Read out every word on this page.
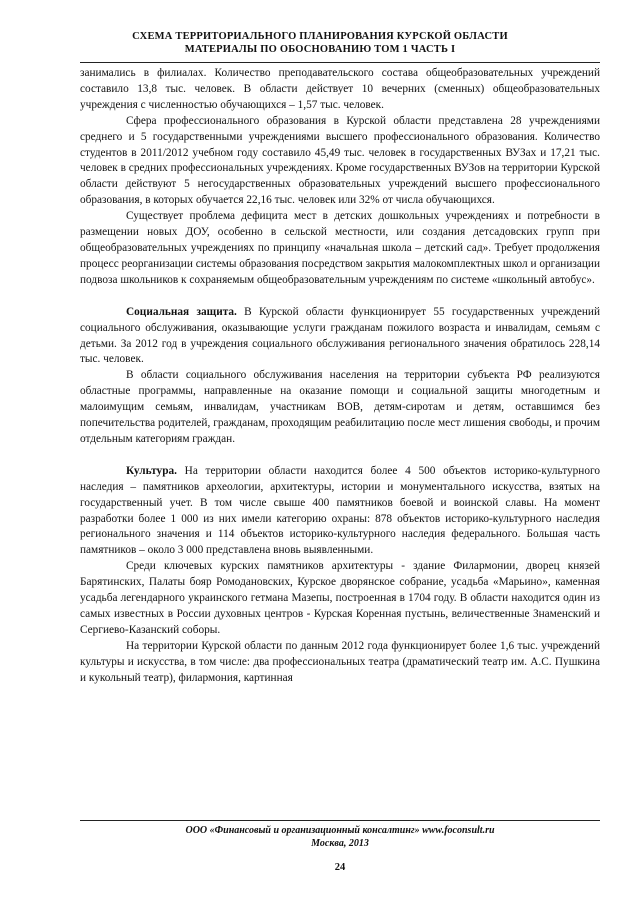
СХЕМА ТЕРРИТОРИАЛЬНОГО ПЛАНИРОВАНИЯ КУРСКОЙ ОБЛАСТИ
МАТЕРИАЛЫ ПО ОБОСНОВАНИЮ ТОМ 1 ЧАСТЬ I

занимались в филиалах. Количество преподавательского состава общеобразовательных учреждений составило 13,8 тыс. человек. В области действует 10 вечерних (сменных) общеобразовательных учреждения с численностью обучающихся – 1,57 тыс. человек.

Сфера профессионального образования в Курской области представлена 28 учреждениями среднего и 5 государственными учреждениями высшего профессионального образования. Количество студентов в 2011/2012 учебном году составило 45,49 тыс. человек в государственных ВУЗах и 17,21 тыс. человек в средних профессиональных учреждениях. Кроме государственных ВУЗов на территории Курской области действуют 5 негосударственных образовательных учреждений высшего профессионального образования, в которых обучается 22,16 тыс. человек или 32% от числа обучающихся.

Существует проблема дефицита мест в детских дошкольных учреждениях и потребности в размещении новых ДОУ, особенно в сельской местности, или создания детсадовских групп при общеобразовательных учреждениях по принципу «начальная школа – детский сад». Требует продолжения процесс реорганизации системы образования посредством закрытия малокомплектных школ и организации подвоза школьников к сохраняемым общеобразовательным учреждениям по системе «школьный автобус».

Социальная защита. В Курской области функционирует 55 государственных учреждений социального обслуживания, оказывающие услуги гражданам пожилого возраста и инвалидам, семьям с детьми. За 2012 год в учреждения социального обслуживания регионального значения обратилось 228,14 тыс. человек.

В области социального обслуживания населения на территории субъекта РФ реализуются областные программы, направленные на оказание помощи и социальной защиты многодетным и малоимущим семьям, инвалидам, участникам ВОВ, детям-сиротам и детям, оставшимся без попечительства родителей, гражданам, проходящим реабилитацию после мест лишения свободы, и прочим отдельным категориям граждан.

Культура. На территории области находится более 4 500 объектов историко-культурного наследия – памятников археологии, архитектуры, истории и монументального искусства, взятых на государственный учет. В том числе свыше 400 памятников боевой и воинской славы. На момент разработки более 1 000 из них имели категорию охраны: 878 объектов историко-культурного наследия регионального значения и 114 объектов историко-культурного наследия федерального. Большая часть памятников – около 3 000 представлена вновь выявленными.

Среди ключевых курских памятников архитектуры - здание Филармонии, дворец князей Барятинских, Палаты бояр Ромодановских, Курское дворянское собрание, усадьба «Марьино», каменная усадьба легендарного украинского гетмана Мазепы, построенная в 1704 году. В области находится один из самых известных в России духовных центров - Курская Коренная пустынь, величественные Знаменский и Сергиево-Казанский соборы.

На территории Курской области по данным 2012 года функционирует более 1,6 тыс. учреждений культуры и искусства, в том числе: два профессиональных театра (драматический театр им. А.С. Пушкина и кукольный театр), филармония, картинная

ООО «Финансовый и организационный консалтинг» www.foconsult.ru
Москва, 2013
24
